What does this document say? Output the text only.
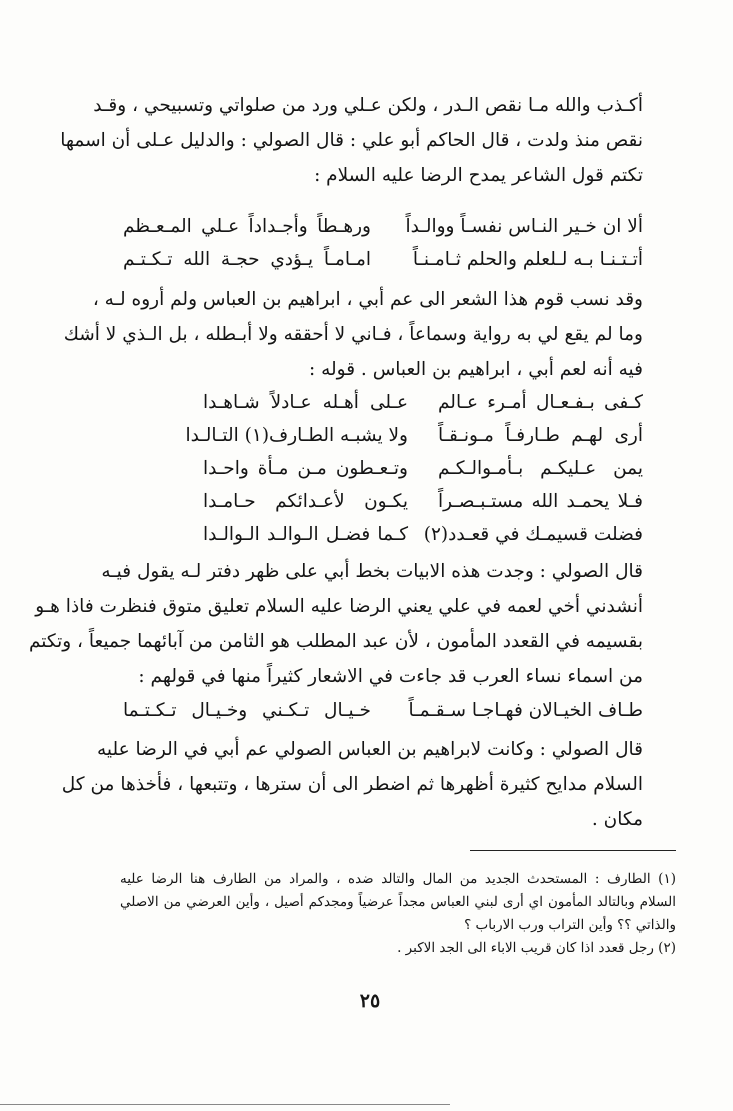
أكـذب والله مـا نقص الـدر ، ولكن عـلي ورد من صلواتي وتسبيحي ، وقـد
نقص منذ ولدت ، قال الحاكم أبو علي : قال الصولي : والدليل عـلى أن اسمها
تكتم قول الشاعر يمدح الرضا عليه السلام :
ألا ان خـير النـاس نفسـاً ووالـداً
ورهـطاً وأجـداداً عـلي المـعـظم
أتـتـنـا بـه لـلعلم والحلم ثـامـنـاً
امـامـاً يـؤدي حجـة الله تـكـتـم
وقد نسب قوم هذا الشعر الى عم أبي ، ابراهيم بن العباس ولم أروه لـه ،
وما لم يقع لي به رواية وسماعاً ، فـاني لا أحققه ولا أبـطله ، بل الـذي لا أشك
فيه أنه لعم أبي ، ابراهيم بن العباس . قوله :
كـفى بـفـعـال أمـرء عـالم
عـلى أهـله عـادلاً شـاهـدا
أرى لهـم طـارفـاً مـونـقـاً
ولا يشبـه الطـارف(١) التـالـدا
يمن عـليكـم بـأمـوالـكـم
وتـعـطون مـن مـأة واحـدا
فـلا يحمـد الله مستـبـصـراً
يكـون لأعـدائكم حـامـدا
فضلت قسيمـك في قعـدد(٢)
كـما فضـل الـوالـد الـوالـدا
قال الصولي : وجدت هذه الابيات بخط أبي على ظهر دفتر لـه يقول فيـه
أنشدني أخي لعمه في علي يعني الرضا عليه السلام تعليق متوق فنظرت فاذا هـو
بقسيمه في القعدد المأمون ، لأن عبد المطلب هو الثامن من آبائهما جميعاً ، وتكتم
من اسماء نساء العرب قد جاءت في الاشعار كثيراً منها في قولهم :
طـاف الخيـالان فهـاجـا سـقـمـاً
خـيـال تـكـني وخـيـال تـكـتـما
قال الصولي : وكانت لابراهيم بن العباس الصولي عم أبي في الرضا عليه
السلام مدايح كثيرة أظهرها ثم اضطر الى أن سترها ، وتتبعها ، فأخذها من كل
مكان .
(١) الطارف : المستحدث الجديد من المال والتالد ضده ، والمراد من الطارف هنا الرضا عليه
السلام وبالتالد المأمون اي أرى لبني العباس مجداً عرضياً ومجدكم أصيل ، وأين العرضي من الاصلي
والذاتي ؟؟ وأين التراب ورب الارباب ؟
(٢) رجل قعدد اذا كان قريب الاباء الى الجد الاكبر .
٢٥
